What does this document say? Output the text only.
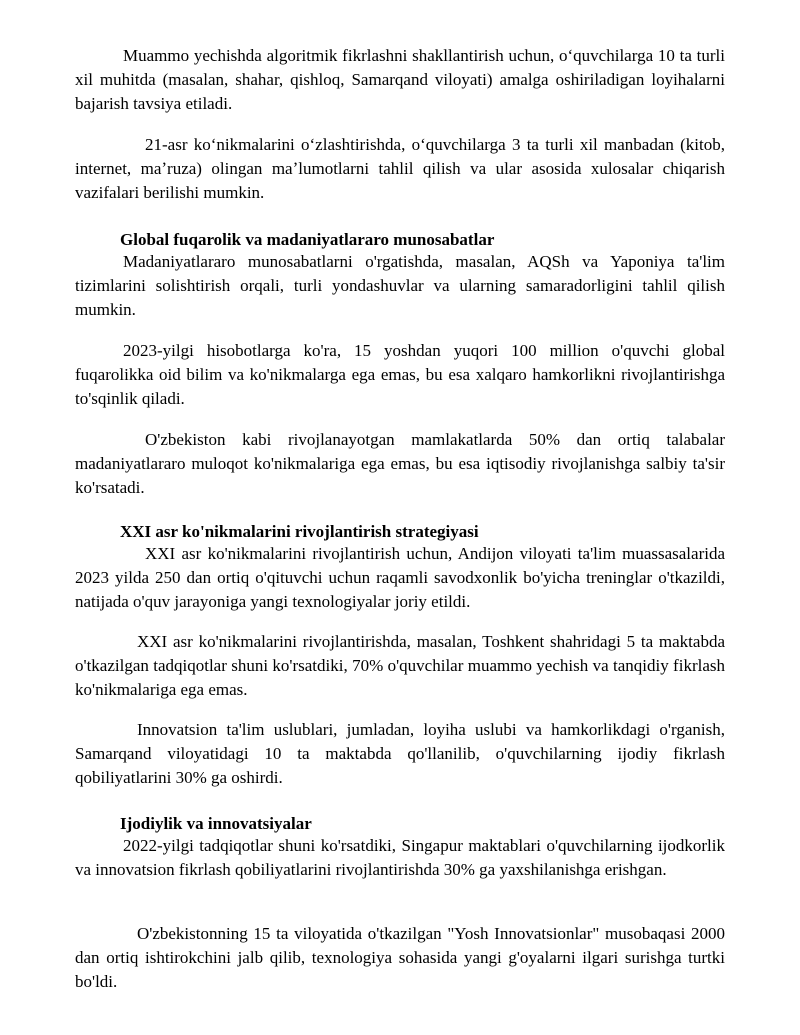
Muammo yechishda algoritmik fikrlashni shakllantirish uchun, oʻquvchilarga 10 ta turli xil muhitda (masalan, shahar, qishloq, Samarqand viloyati) amalga oshiriladigan loyihalarni bajarish tavsiya etiladi.

21-asr koʻnikmalarini oʻzlashtirishda, oʻquvchilarga 3 ta turli xil manbadan (kitob, internet, maʼruza) olingan maʼlumotlarni tahlil qilish va ular asosida xulosalar chiqarish vazifalari berilishi mumkin.

Global fuqarolik va madaniyatlararo munosabatlar

Madaniyatlararo munosabatlarni o'rgatishda, masalan, AQSh va Yaponiya ta'lim tizimlarini solishtirish orqali, turli yondashuvlar va ularning samaradorligini tahlil qilish mumkin.

2023-yilgi hisobotlarga ko'ra, 15 yoshdan yuqori 100 million o'quvchi global fuqarolikka oid bilim va ko'nikmalarga ega emas, bu esa xalqaro hamkorlikni rivojlantirishga to'sqinlik qiladi.

O'zbekiston kabi rivojlanayotgan mamlakatlarda 50% dan ortiq talabalar madaniyatlararo muloqot ko'nikmalariga ega emas, bu esa iqtisodiy rivojlanishga salbiy ta'sir ko'rsatadi.

XXI asr ko'nikmalarini rivojlantirish strategiyasi

XXI asr ko'nikmalarini rivojlantirish uchun, Andijon viloyati ta'lim muassasalarida 2023 yilda 250 dan ortiq o'qituvchi uchun raqamli savodxonlik bo'yicha treninglar o'tkazildi, natijada o'quv jarayoniga yangi texnologiyalar joriy etildi.

XXI asr ko'nikmalarini rivojlantirishda, masalan, Toshkent shahridagi 5 ta maktabda o'tkazilgan tadqiqotlar shuni ko'rsatdiki, 70% o'quvchilar muammo yechish va tanqidiy fikrlash ko'nikmalariga ega emas.

Innovatsion ta'lim uslublari, jumladan, loyiha uslubi va hamkorlikdagi o'rganish, Samarqand viloyatidagi 10 ta maktabda qo'llanilib, o'quvchilarning ijodiy fikrlash qobiliyatlarini 30% ga oshirdi.

Ijodiylik va innovatsiyalar

2022-yilgi tadqiqotlar shuni ko'rsatdiki, Singapur maktablari o'quvchilarning ijodkorlik va innovatsion fikrlash qobiliyatlarini rivojlantirishda 30% ga yaxshilanishga erishgan.

O'zbekistonning 15 ta viloyatida o'tkazilgan "Yosh Innovatsionlar" musobaqasi 2000 dan ortiq ishtirokchini jalb qilib, texnologiya sohasida yangi g'oyalarni ilgari surishga turtki bo'ldi.
